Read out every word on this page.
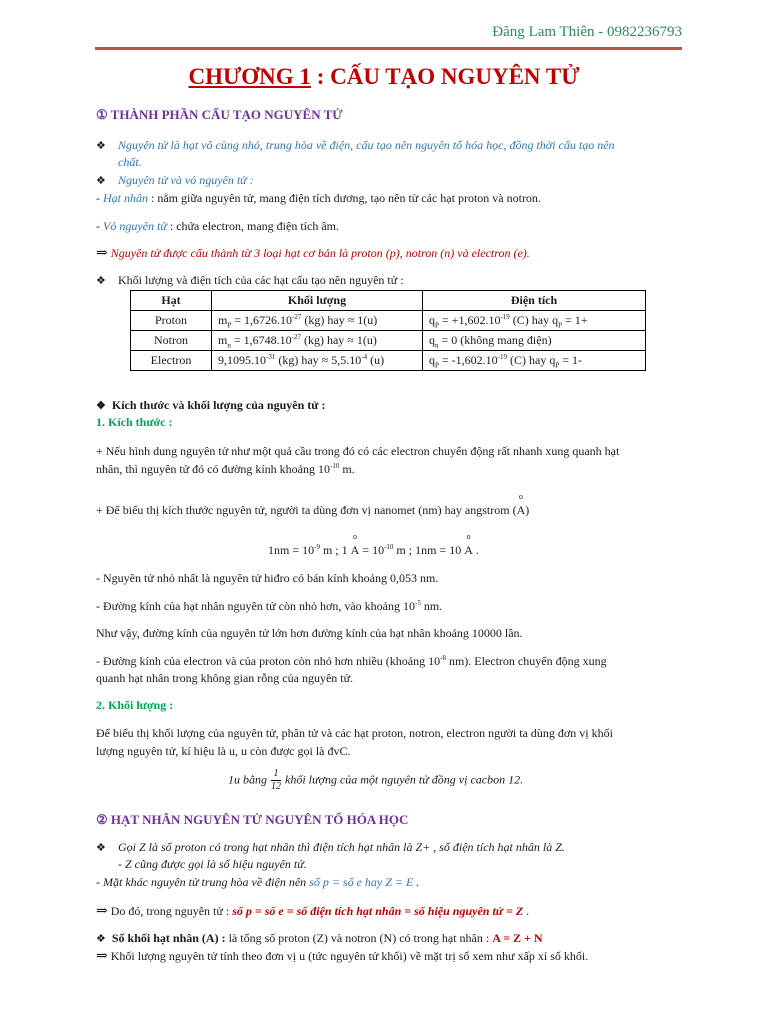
Đăng Lam Thiên - 0982236793
CHƯƠNG 1 : CẤU TẠO NGUYÊN TỬ
① THÀNH PHẦN CẤU TẠO NGUYÊN TỬ
❖ Nguyên tử là hạt vô cùng nhỏ, trung hòa về điện, cấu tạo nên nguyên tố hóa học, đồng thời cấu tạo nên
chất.
❖ Nguyên tử và vỏ nguyên tử :
- Hạt nhân : nằm giữa nguyên tử, mang điện tích dương, tạo nên từ các hạt proton và notron.
- Vỏ nguyên tử : chứa electron, mang điện tích âm.
⇒ Nguyên tử được cấu thành từ 3 loại hạt cơ bản là proton (p), notron (n) và electron (e).
❖ Khối lượng và điện tích của các hạt cấu tạo nên nguyên tử :
Hạt	Khối lượng	Điện tích
Proton	$m_P = 1,6726.10^{-27}$ (kg) hay ≈ 1(u)	$q_P = +1,602.10^{-19}$ (C) hay $q_P = 1+$
Notron	$m_n = 1,6748.10^{-27}$ (kg) hay ≈ 1(u)	$q_n = 0$ (không mang điện)
Electron	$9,1095.10^{-31}$ (kg) hay ≈ $5,5.10^{-4}$ (u)	$q_P = -1,602.10^{-19}$ (C) hay $q_P = 1-$
❖ Kích thước và khối lượng của nguyên tử :
1. Kích thước :
+ Nếu hình dung nguyên tử như một quả cầu trong đó có các electron chuyển động rất nhanh xung quanh hạt
nhân, thì nguyên tử đó có đường kính khoảng $10^{-10}$ m.
+ Để biểu thị kích thước nguyên tử, người ta dùng đơn vị nanomet (nm) hay angstrom (
o
A)
$1nm = 10^{-9}$ m ; 1
o
$A = 10^{-10}$ m ; 1nm = 10
o
A .
- Nguyên tử nhỏ nhất là nguyên tử hiđro có bán kính khoảng 0,053 nm.
- Đường kính của hạt nhân nguyên tử còn nhỏ hơn, vào khoảng $10^{-5}$ nm.
Như vậy, đường kính của nguyên tử lớn hơn đường kính của hạt nhân khoảng 10000 lần.
- Đường kính của electron và của proton còn nhỏ hơn nhiều (khoảng $10^{-8}$ nm). Electron chuyển động xung
quanh hạt nhân trong không gian rỗng của nguyên tử.
2. Khối lượng :
Để biểu thị khối lượng của nguyên tử, phân tử và các hạt proton, notron, electron người ta dùng đơn vị khối
lượng nguyên tử, kí hiệu là u, u còn được gọi là đvC.
1u bằng $\frac{1}{12}$ khối lượng của một nguyên tử đồng vị cacbon 12.
② HẠT NHÂN NGUYÊN TỬ NGUYÊN TỐ HÓA HỌC
❖ Gọi Z là số proton có trong hạt nhân thì điện tích hạt nhân là Z+ , số điện tích hạt nhân là Z.
- Z cũng được gọi là số hiệu nguyên tử.
- Mặt khác nguyên tử trung hòa về điện nên số p = số e hay Z = E .
⇒ Do đó, trong nguyên tử : số p = số e = số điện tích hạt nhân = số hiệu nguyên tử = Z .
❖ Số khối hạt nhân (A) : là tổng số proton (Z) và notron (N) có trong hạt nhân : A = Z + N
⇒ Khối lượng nguyên tử tính theo đơn vị u (tức nguyên tử khối) về mặt trị số xem như xấp xỉ số khối.
